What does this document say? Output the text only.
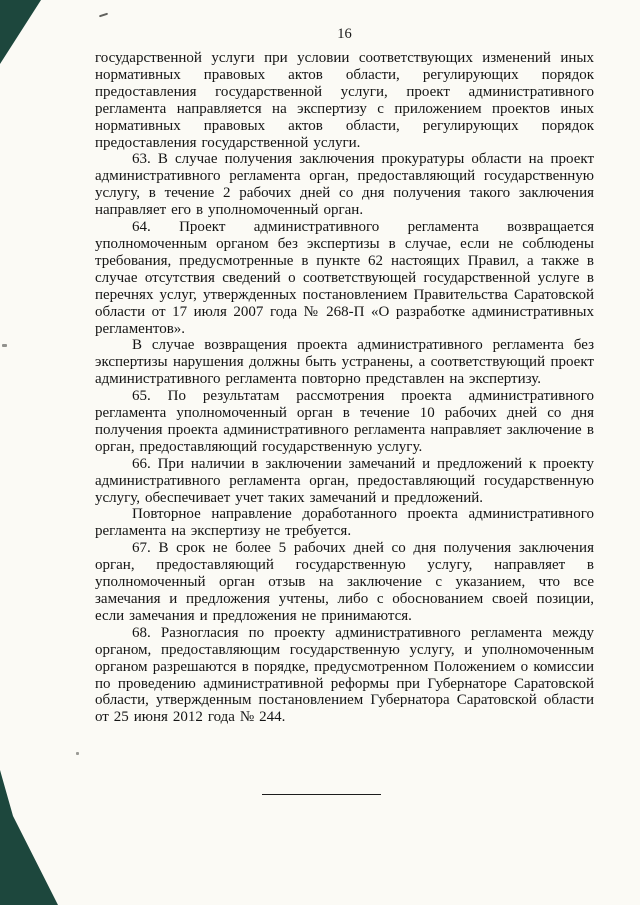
16

государственной услуги при условии соответствующих изменений иных нормативных правовых актов области, регулирующих порядок предоставления государственной услуги, проект административного регламента направляется на экспертизу с приложением проектов иных нормативных правовых актов области, регулирующих порядок предоставления государственной услуги.

63. В случае получения заключения прокуратуры области на проект административного регламента орган, предоставляющий государственную услугу, в течение 2 рабочих дней со дня получения такого заключения направляет его в уполномоченный орган.

64. Проект административного регламента возвращается уполномоченным органом без экспертизы в случае, если не соблюдены требования, предусмотренные в пункте 62 настоящих Правил, а также в случае отсутствия сведений о соответствующей государственной услуге в перечнях услуг, утвержденных постановлением Правительства Саратовской области от 17 июля 2007 года № 268-П «О разработке административных регламентов».

В случае возвращения проекта административного регламента без экспертизы нарушения должны быть устранены, а соответствующий проект административного регламента повторно представлен на экспертизу.

65. По результатам рассмотрения проекта административного регламента уполномоченный орган в течение 10 рабочих дней со дня получения проекта административного регламента направляет заключение в орган, предоставляющий государственную услугу.

66. При наличии в заключении замечаний и предложений к проекту административного регламента орган, предоставляющий государственную услугу, обеспечивает учет таких замечаний и предложений.

Повторное направление доработанного проекта административного регламента на экспертизу не требуется.

67. В срок не более 5 рабочих дней со дня получения заключения орган, предоставляющий государственную услугу, направляет в уполномоченный орган отзыв на заключение с указанием, что все замечания и предложения учтены, либо с обоснованием своей позиции, если замечания и предложения не принимаются.

68. Разногласия по проекту административного регламента между органом, предоставляющим государственную услугу, и уполномоченным органом разрешаются в порядке, предусмотренном Положением о комиссии по проведению административной реформы при Губернаторе Саратовской области, утвержденным постановлением Губернатора Саратовской области от 25 июня 2012 года № 244.
